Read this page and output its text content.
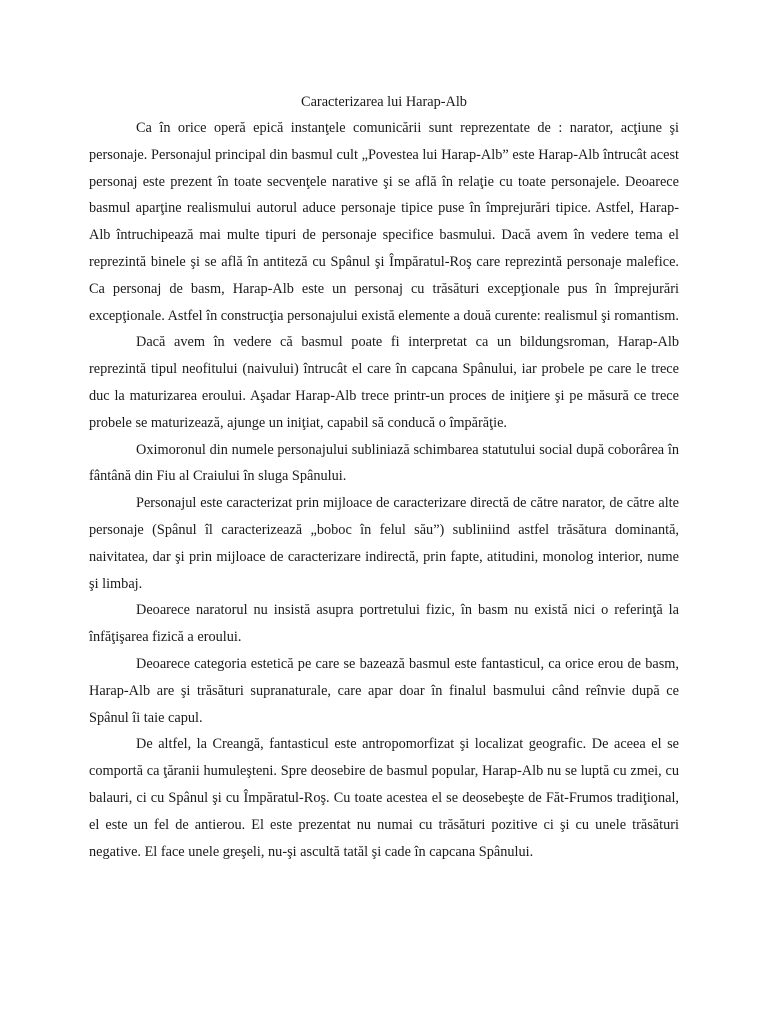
Caracterizarea lui Harap-Alb

Ca în orice operă epică instanţele comunicării sunt reprezentate de : narator, acţiune şi personaje. Personajul principal din basmul cult „Povestea lui Harap-Alb” este Harap-Alb întrucât acest personaj este prezent în toate secvenţele narative şi se află în relaţie cu toate personajele. Deoarece basmul aparţine realismului autorul aduce personaje tipice puse în împrejurări tipice. Astfel, Harap-Alb întruchipează mai multe tipuri de personaje specifice basmului. Dacă avem în vedere tema el reprezintă binele şi se află în antiteză cu Spânul şi Împăratul-Roş care reprezintă personaje malefice. Ca personaj de basm, Harap-Alb este un personaj cu trăsături excepţionale pus în împrejurări excepţionale. Astfel în construcţia personajului există elemente a două curente: realismul şi romantism.

Dacă avem în vedere că basmul poate fi interpretat ca un bildungsroman, Harap-Alb reprezintă tipul neofitului (naivului) întrucât el care în capcana Spânului, iar probele pe care le trece duc la maturizarea eroului. Aşadar Harap-Alb trece printr-un proces de iniţiere şi pe măsură ce trece probele se maturizează, ajunge un iniţiat, capabil să conducă o împărăţie.

Oximoronul din numele personajului subliniază schimbarea statutului social după coborârea în fântână din Fiu al Craiului în sluga Spânului.

Personajul este caracterizat prin mijloace de caracterizare directă de către narator, de către alte personaje (Spânul îl caracterizează „boboc în felul său”) subliniind astfel trăsătura dominantă, naivitatea, dar şi prin mijloace de caracterizare indirectă, prin fapte, atitudini, monolog interior, nume şi limbaj.

Deoarece naratorul nu insistă asupra portretului fizic, în basm nu există nici o referinţă la înfăţişarea fizică a eroului.

Deoarece categoria estetică pe care se bazează basmul este fantasticul, ca orice erou de basm, Harap-Alb are şi trăsături supranaturale, care apar doar în finalul basmului când reînvie după ce Spânul îi taie capul.

De altfel, la Creangă, fantasticul este antropomorfizat şi localizat geografic. De aceea el se comportă ca ţăranii humuleşteni. Spre deosebire de basmul popular, Harap-Alb nu se luptă cu zmei, cu balauri, ci cu Spânul şi cu Împăratul-Roş. Cu toate acestea el se deosebeşte de Făt-Frumos tradiţional, el este un fel de antierou. El este prezentat nu numai cu trăsături pozitive ci şi cu unele trăsături negative. El face unele greşeli, nu-şi ascultă tatăl şi cade în capcana Spânului.
